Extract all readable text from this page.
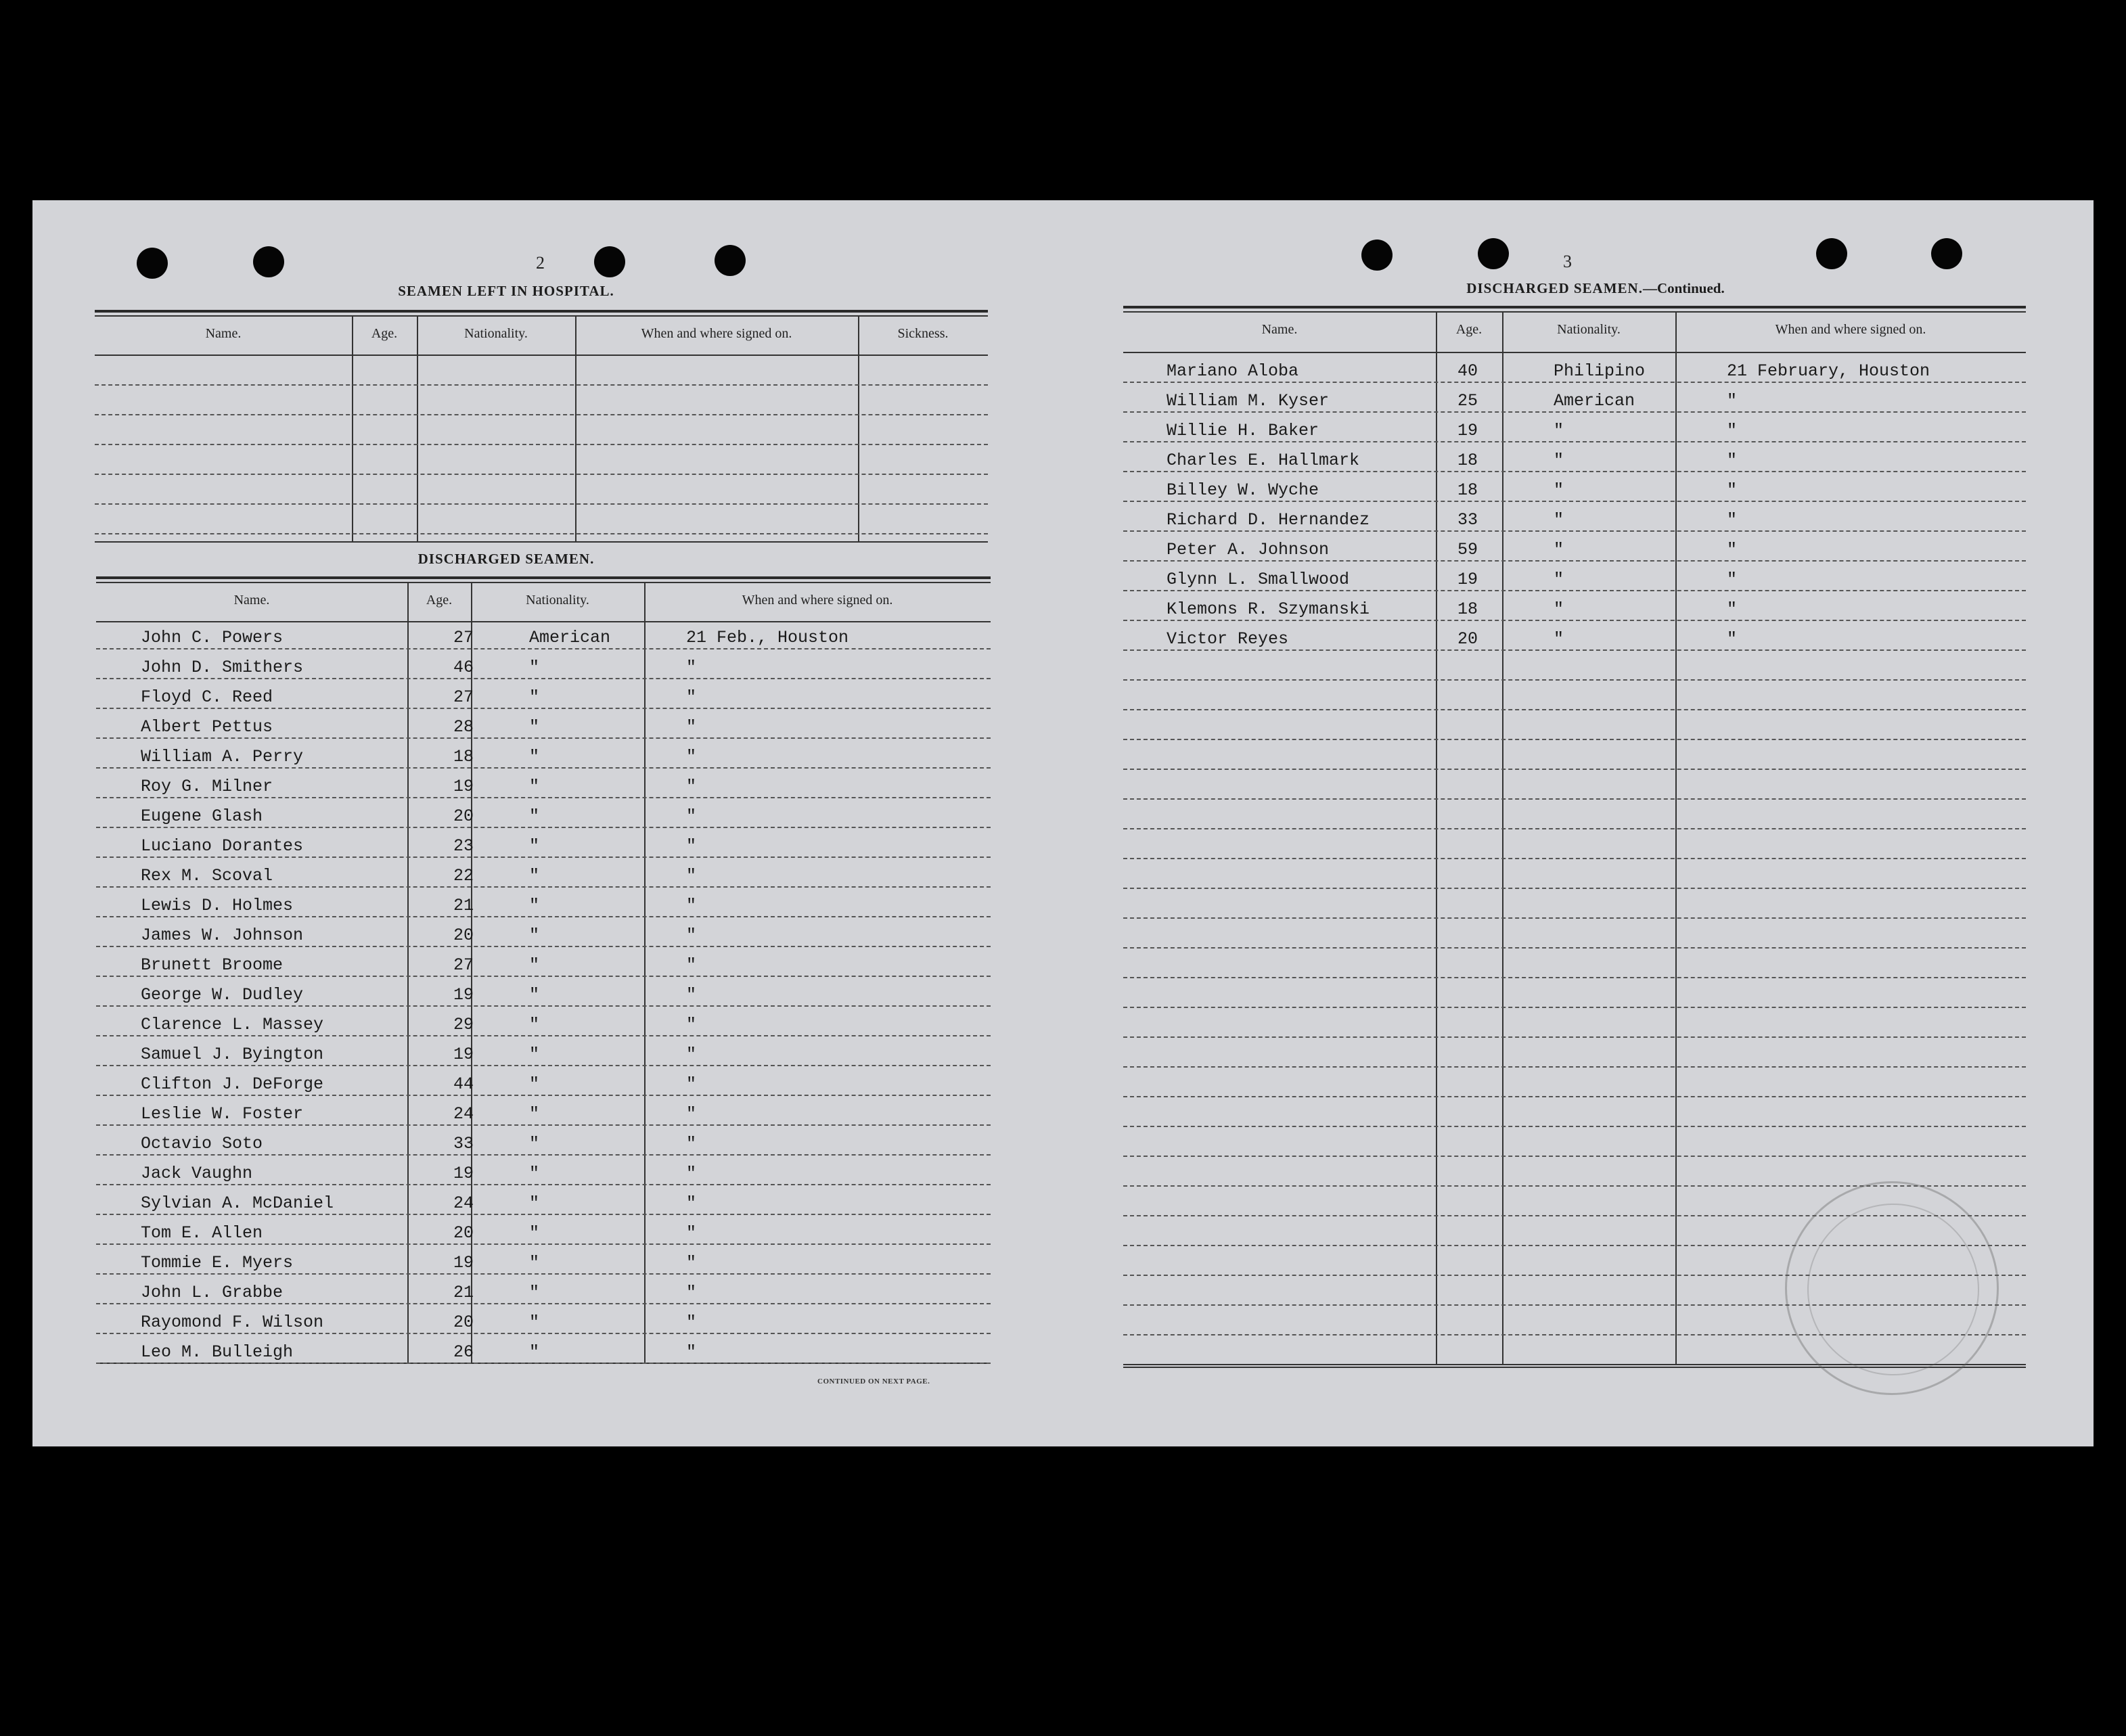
2
SEAMEN LEFT IN HOSPITAL.
Name.	Age.	Nationality.	When and where signed on.	Sickness.
DISCHARGED SEAMEN.
Name.	Age.	Nationality.	When and where signed on.
John C. Powers	27	American	21 Feb., Houston
John D. Smithers	46	"	"
Floyd C. Reed	27	"	"
Albert Pettus	28	"	"
William A. Perry	18	"	"
Roy G. Milner	19	"	"
Eugene Glash	20	"	"
Luciano Dorantes	23	"	"
Rex M. Scoval	22	"	"
Lewis D. Holmes	21	"	"
James W. Johnson	20	"	"
Brunett Broome	27	"	"
George W. Dudley	19	"	"
Clarence L. Massey	29	"	"
Samuel J. Byington	19	"	"
Clifton J. DeForge	44	"	"
Leslie W. Foster	24	"	"
Octavio Soto	33	"	"
Jack Vaughn	19	"	"
Sylvian A. McDaniel	24	"	"
Tom E. Allen	20	"	"
Tommie E. Myers	19	"	"
John L. Grabbe	21	"	"
Rayomond F. Wilson	20	"	"
Leo M. Bulleigh	26	"	"
CONTINUED ON NEXT PAGE.
3
DISCHARGED SEAMEN.—Continued.
Name.	Age.	Nationality.	When and where signed on.
Mariano Aloba	40	Philipino	21 February, Houston
William M. Kyser	25	American	"
Willie H. Baker	19	"	"
Charles E. Hallmark	18	"	"
Billey W. Wyche	18	"	"
Richard D. Hernandez	33	"	"
Peter A. Johnson	59	"	"
Glynn L. Smallwood	19	"	"
Klemons R. Szymanski	18	"	"
Victor Reyes	20	"	"
